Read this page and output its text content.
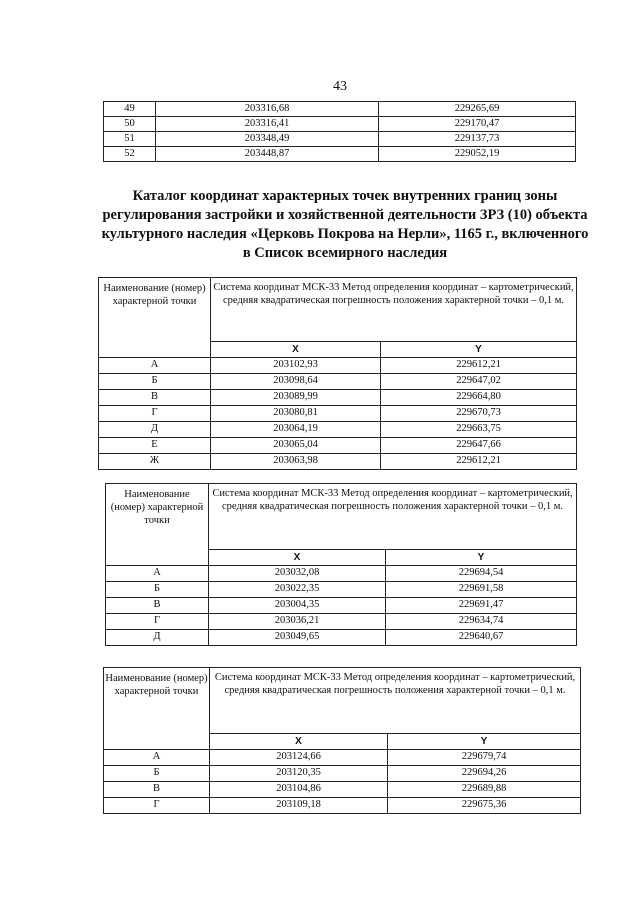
43
49	203316,68	229265,69
50	203316,41	229170,47
51	203348,49	229137,73
52	203448,87	229052,19
Каталог координат характерных точек внутренних границ зоны регулирования застройки и хозяйственной деятельности ЗРЗ (10) объекта культурного наследия «Церковь Покрова на Нерли», 1165 г., включенного в Список всемирного наследия
Наименование (номер) характерной точки	Система координат МСК-33 Метод определения координат – картометрический, средняя квадратическая погрешность положения характерной точки – 0,1 м.	
	X	Y
А	203102,93	229612,21
Б	203098,64	229647,02
В	203089,99	229664,80
Г	203080,81	229670,73
Д	203064,19	229663,75
Е	203065,04	229647,66
Ж	203063,98	229612,21
Наименование (номер) характерной точки	Система координат МСК-33 Метод определения координат – картометрический, средняя квадратическая погрешность положения характерной точки – 0,1 м.	
	X	Y
А	203032,08	229694,54
Б	203022,35	229691,58
В	203004,35	229691,47
Г	203036,21	229634,74
Д	203049,65	229640,67
Наименование (номер) характерной точки	Система координат МСК-33 Метод определения координат – картометрический, средняя квадратическая погрешность положения характерной точки – 0,1 м.	
	X	Y
А	203124,66	229679,74
Б	203120,35	229694,26
В	203104,86	229689,88
Г	203109,18	229675,36
